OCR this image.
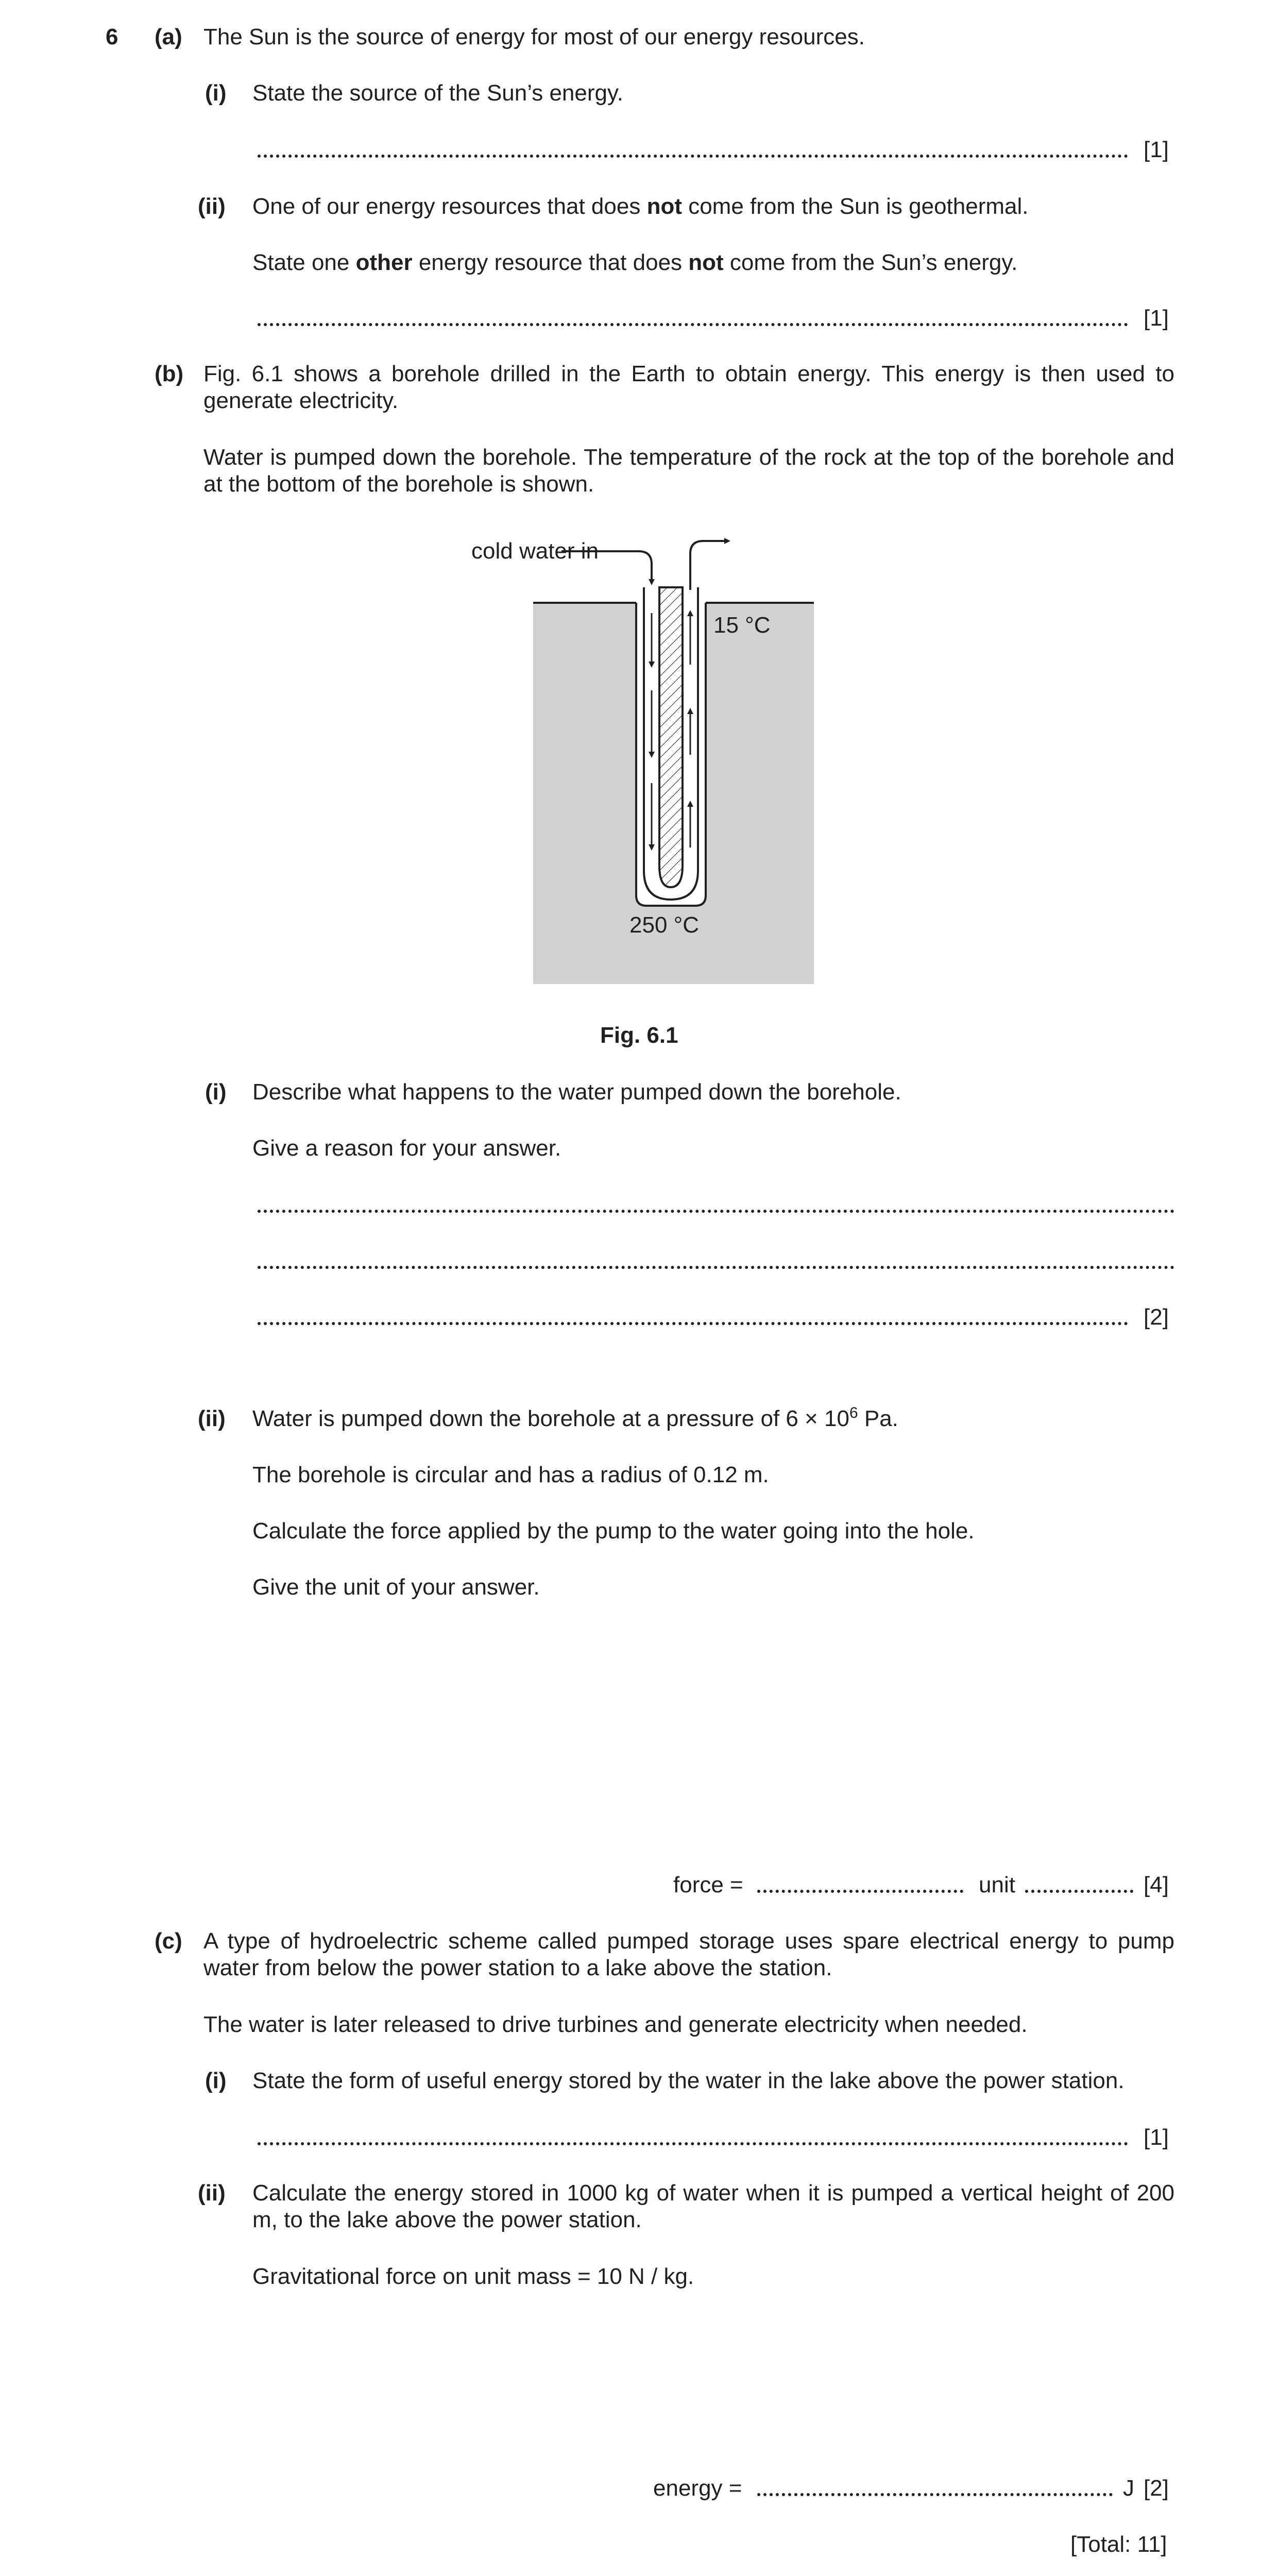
6 (a) The Sun is the source of energy for most of our energy resources.
(i) State the source of the Sun’s energy.
[1]
(ii) One of our energy resources that does not come from the Sun is geothermal.
State one other energy resource that does not come from the Sun’s energy.
[1]
(b) Fig. 6.1 shows a borehole drilled in the Earth to obtain energy. This energy is then used to generate electricity.
Water is pumped down the borehole. The temperature of the rock at the top of the borehole and at the bottom of the borehole is shown.
cold water in
15 °C
250 °C
Fig. 6.1
(i) Describe what happens to the water pumped down the borehole.
Give a reason for your answer.
[2]
(ii) Water is pumped down the borehole at a pressure of $6 \times 10^6$ Pa.
The borehole is circular and has a radius of 0.12 m.
Calculate the force applied by the pump to the water going into the hole.
Give the unit of your answer.
force =	unit	[4]
(c) A type of hydroelectric scheme called pumped storage uses spare electrical energy to pump water from below the power station to a lake above the station.
The water is later released to drive turbines and generate electricity when needed.
(i) State the form of useful energy stored by the water in the lake above the power station.
[1]
(ii) Calculate the energy stored in 1000 kg of water when it is pumped a vertical height of 200 m, to the lake above the power station.
Gravitational force on unit mass = 10 N / kg.
energy =	J [2]
[Total: 11]
